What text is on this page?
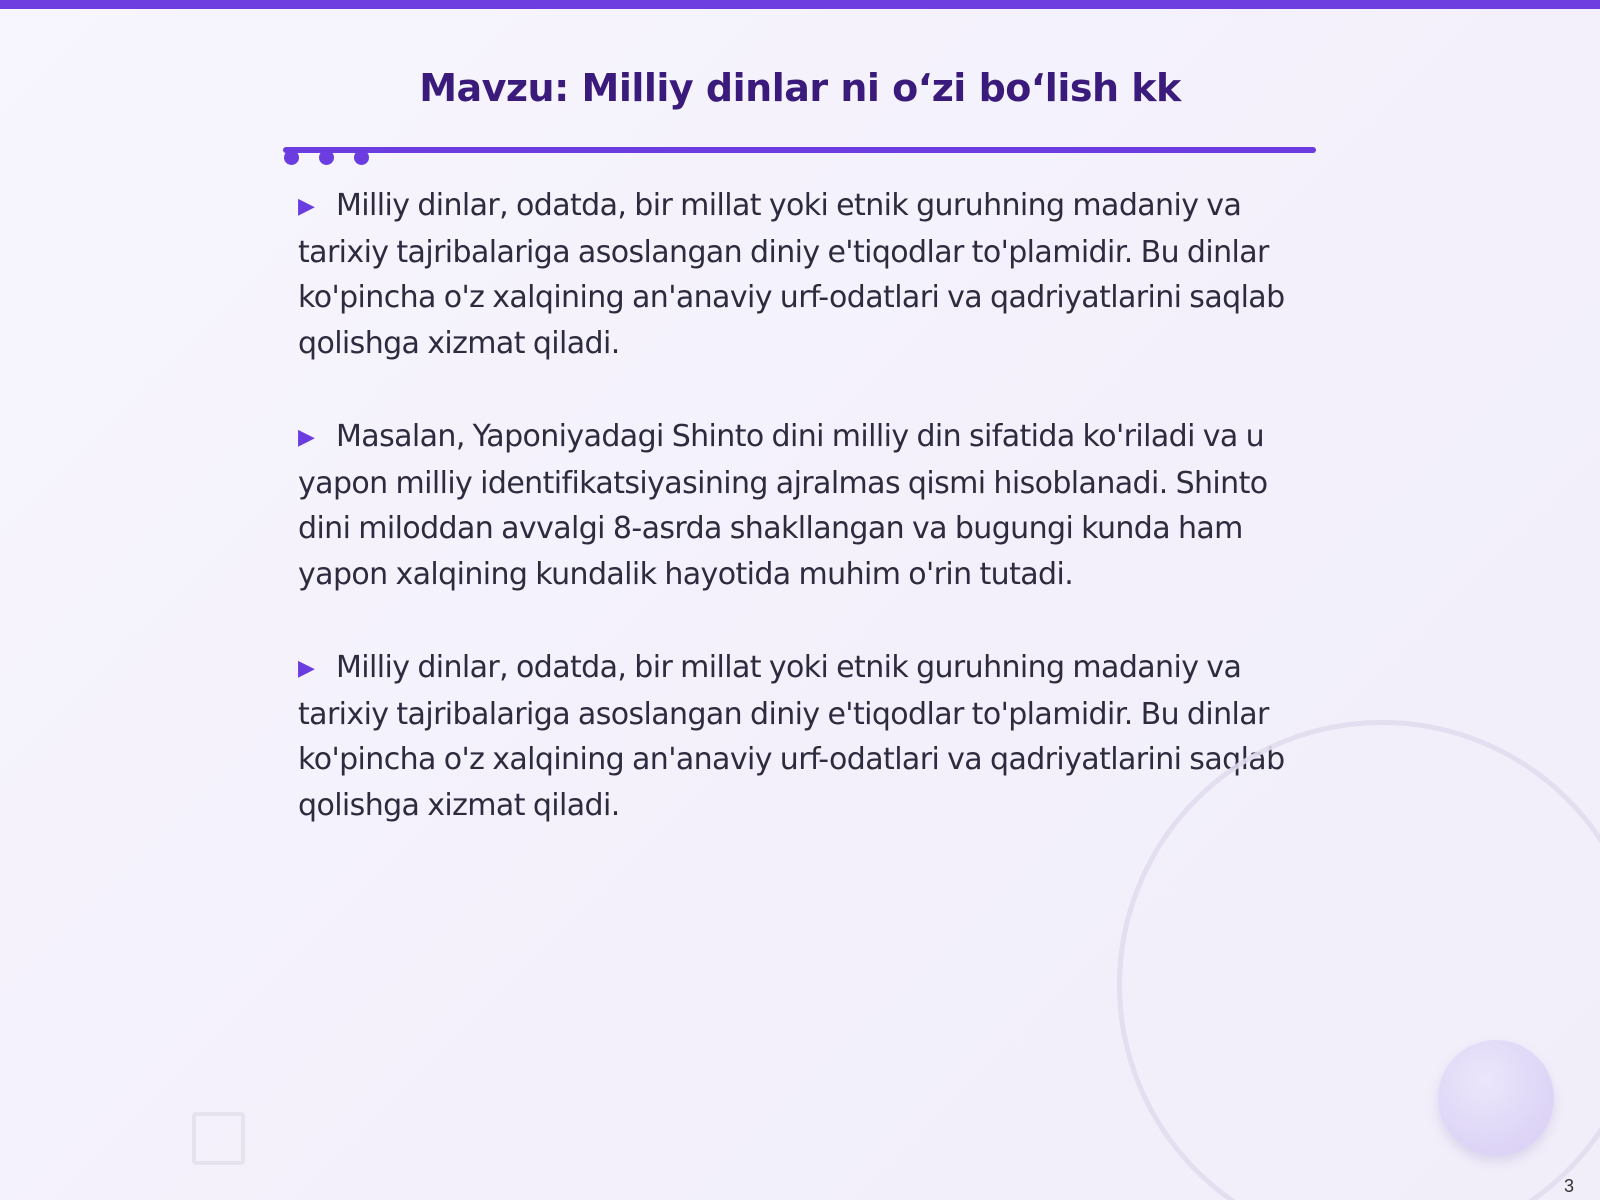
Mavzu: Milliy dinlar ni o‘zi bo‘lish kk

▶ Milliy dinlar, odatda, bir millat yoki etnik guruhning madaniy va tarixiy tajribalariga asoslangan diniy e'tiqodlar to'plamidir. Bu dinlar ko'pincha o'z xalqining an'anaviy urf-odatlari va qadriyatlarini saqlab qolishga xizmat qiladi.

▶ Masalan, Yaponiyadagi Shinto dini milliy din sifatida ko'riladi va u yapon milliy identifikatsiyasining ajralmas qismi hisoblanadi. Shinto dini miloddan avvalgi 8-asrda shakllangan va bugungi kunda ham yapon xalqining kundalik hayotida muhim o'rin tutadi.

▶ Milliy dinlar, odatda, bir millat yoki etnik guruhning madaniy va tarixiy tajribalariga asoslangan diniy e'tiqodlar to'plamidir. Bu dinlar ko'pincha o'z xalqining an'anaviy urf-odatlari va qadriyatlarini saqlab qolishga xizmat qiladi.

3
